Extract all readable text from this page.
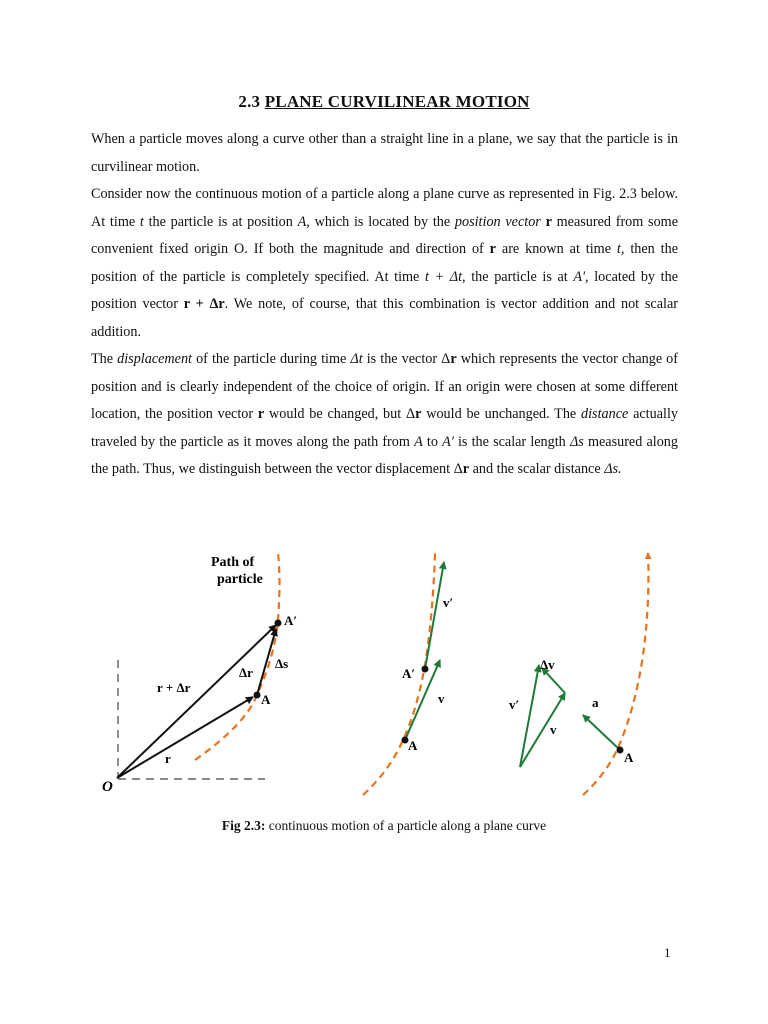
2.3 PLANE CURVILINEAR MOTION

When a particle moves along a curve other than a straight line in a plane, we say that the particle is in curvilinear motion.

Consider now the continuous motion of a particle along a plane curve as represented in Fig. 2.3 below. At time t the particle is at position A, which is located by the position vector r measured from some convenient fixed origin O. If both the magnitude and direction of r are known at time t, then the position of the particle is completely specified. At time t + Δt, the particle is at A', located by the position vector r + Δr. We note, of course, that this combination is vector addition and not scalar addition.

The displacement of the particle during time Δt is the vector Δr which represents the vector change of position and is clearly independent of the choice of origin. If an origin were chosen at some different location, the position vector r would be changed, but Δr would be unchanged. The distance actually traveled by the particle as it moves along the path from A to A' is the scalar length Δs measured along the path. Thus, we distinguish between the vector displacement Δr and the scalar distance Δs.

Path of
particle
O
A
A′
r
r + Δr
Δr
Δs
A
A′
v
v′
v′
v
Δv
a
A
Fig 2.3: continuous motion of a particle along a plane curve
1
